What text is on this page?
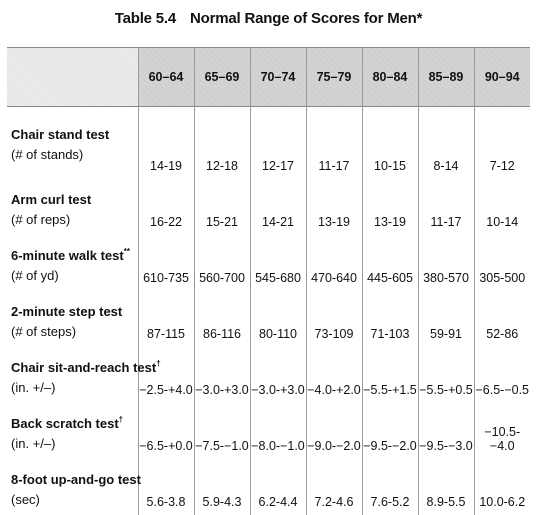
Table 5.4 Normal Range of Scores for Men*
	60–64	65–69	70–74	75–79	80–84	85–89	90–94

Chair stand test
(# of stands)	14-19	12-18	12-17	11-17	10-15	8-14	7-12

Arm curl test
(# of reps)	16-22	15-21	14-21	13-19	13-19	11-17	10-14

6-minute walk test**
(# of yd)	610-735	560-700	545-680	470-640	445-605	380-570	305-500

2-minute step test
(# of steps)	87-115	86-116	80-110	73-109	71-103	59-91	52-86

Chair sit-and-reach test†
(in. +/–)	−2.5-+4.0	−3.0-+3.0	−3.0-+3.0	−4.0-+2.0	−5.5-+1.5	−5.5-+0.5	−6.5-−0.5

Back scratch test†
(in. +/–)	−6.5-+0.0	−7.5-−1.0	−8.0-−1.0	−9.0-−2.0	−9.5-−2.0	−9.5-−3.0	−10.5-−4.0

8-foot up-and-go test
(sec)	5.6-3.8	5.9-4.3	6.2-4.4	7.2-4.6	7.6-5.2	8.9-5.5	10.0-6.2
